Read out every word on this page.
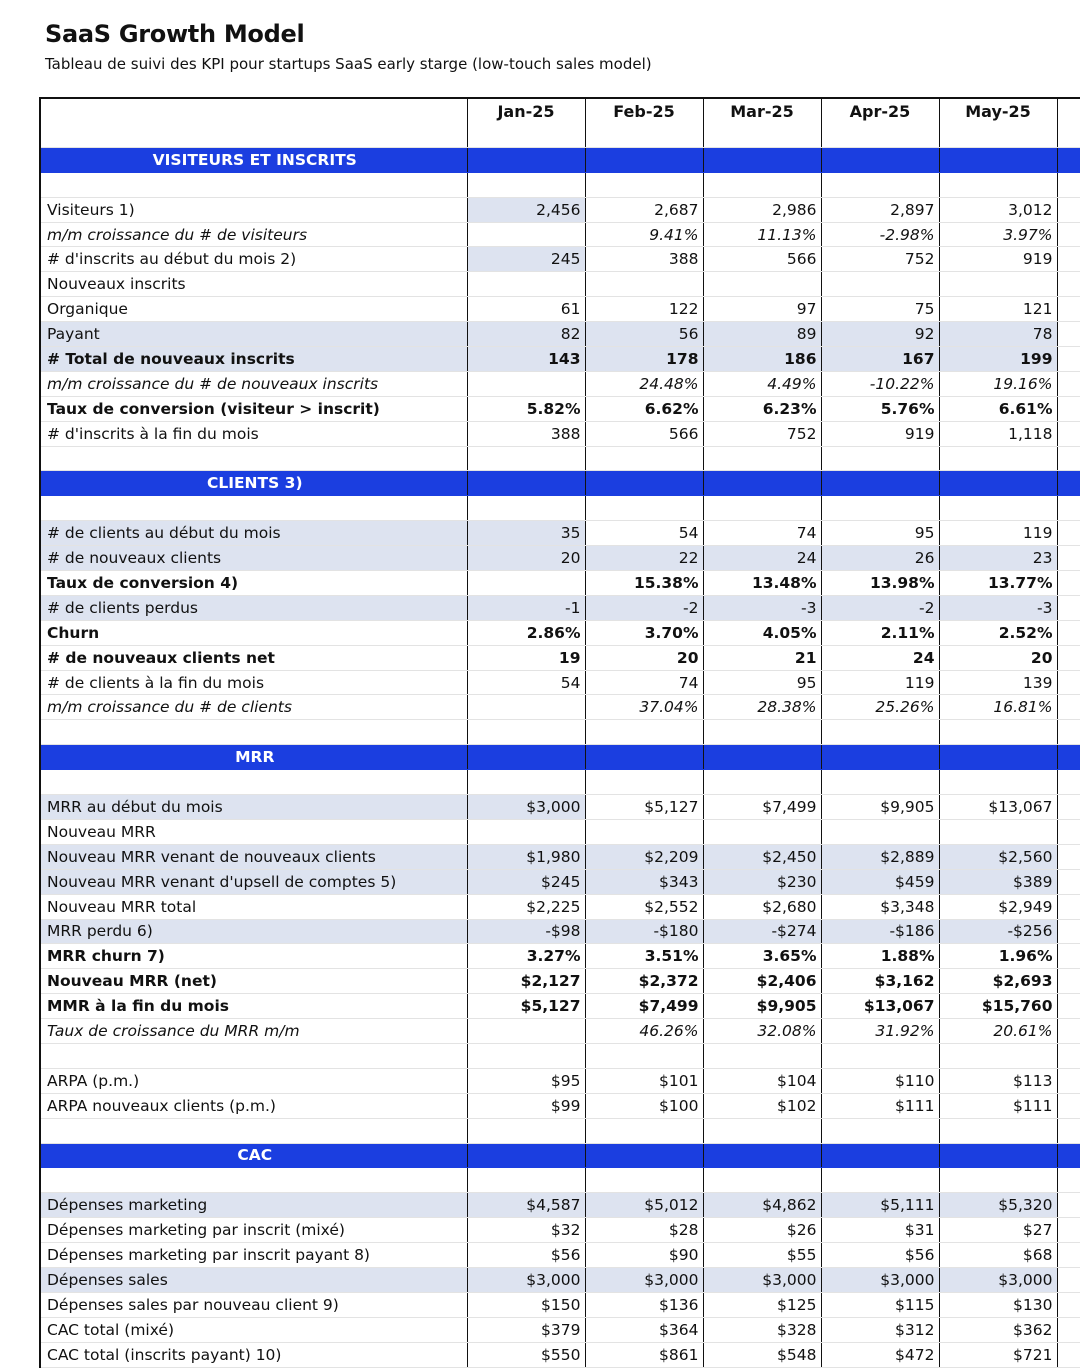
SaaS Growth Model
Tableau de suivi des KPI pour startups SaaS early starge (low-touch sales model)
	Jan-25	Feb-25	Mar-25	Apr-25	May-25	

VISITEURS ET INSCRITS						

Visiteurs 1)	2,456	2,687	2,986	2,897	3,012	
m/m croissance du # de visiteurs		9.41%	11.13%	-2.98%	3.97%	
# d'inscrits au début du mois 2)	245	388	566	752	919	
Nouveaux inscrits						
Organique	61	122	97	75	121	
Payant	82	56	89	92	78	
# Total de nouveaux inscrits	143	178	186	167	199	
m/m croissance du # de nouveaux inscrits		24.48%	4.49%	-10.22%	19.16%	
Taux de conversion (visiteur > inscrit)	5.82%	6.62%	6.23%	5.76%	6.61%	
# d'inscrits à la fin du mois	388	566	752	919	1,118	

CLIENTS 3)						

# de clients au début du mois	35	54	74	95	119	
# de nouveaux clients	20	22	24	26	23	
Taux de conversion 4)		15.38%	13.48%	13.98%	13.77%	
# de clients perdus	-1	-2	-3	-2	-3	
Churn	2.86%	3.70%	4.05%	2.11%	2.52%	
# de nouveaux clients net	19	20	21	24	20	
# de clients à la fin du mois	54	74	95	119	139	
m/m croissance du # de clients		37.04%	28.38%	25.26%	16.81%	

MRR						

MRR au début du mois	$3,000	$5,127	$7,499	$9,905	$13,067	
Nouveau MRR						
Nouveau MRR venant de nouveaux clients	$1,980	$2,209	$2,450	$2,889	$2,560	
Nouveau MRR venant d'upsell de comptes 5)	$245	$343	$230	$459	$389	
Nouveau MRR total	$2,225	$2,552	$2,680	$3,348	$2,949	
MRR perdu 6)	-$98	-$180	-$274	-$186	-$256	
MRR churn 7)	3.27%	3.51%	3.65%	1.88%	1.96%	
Nouveau MRR (net)	$2,127	$2,372	$2,406	$3,162	$2,693	
MMR à la fin du mois	$5,127	$7,499	$9,905	$13,067	$15,760	
Taux de croissance du MRR m/m		46.26%	32.08%	31.92%	20.61%	

ARPA (p.m.)	$95	$101	$104	$110	$113	
ARPA nouveaux clients (p.m.)	$99	$100	$102	$111	$111	

CAC						

Dépenses marketing	$4,587	$5,012	$4,862	$5,111	$5,320	
Dépenses marketing par inscrit (mixé)	$32	$28	$26	$31	$27	
Dépenses marketing par inscrit payant 8)	$56	$90	$55	$56	$68	
Dépenses sales	$3,000	$3,000	$3,000	$3,000	$3,000	
Dépenses sales par nouveau client 9)	$150	$136	$125	$115	$130	
CAC total (mixé)	$379	$364	$328	$312	$362	
CAC total (inscrits payant) 10)	$550	$861	$548	$472	$721	
